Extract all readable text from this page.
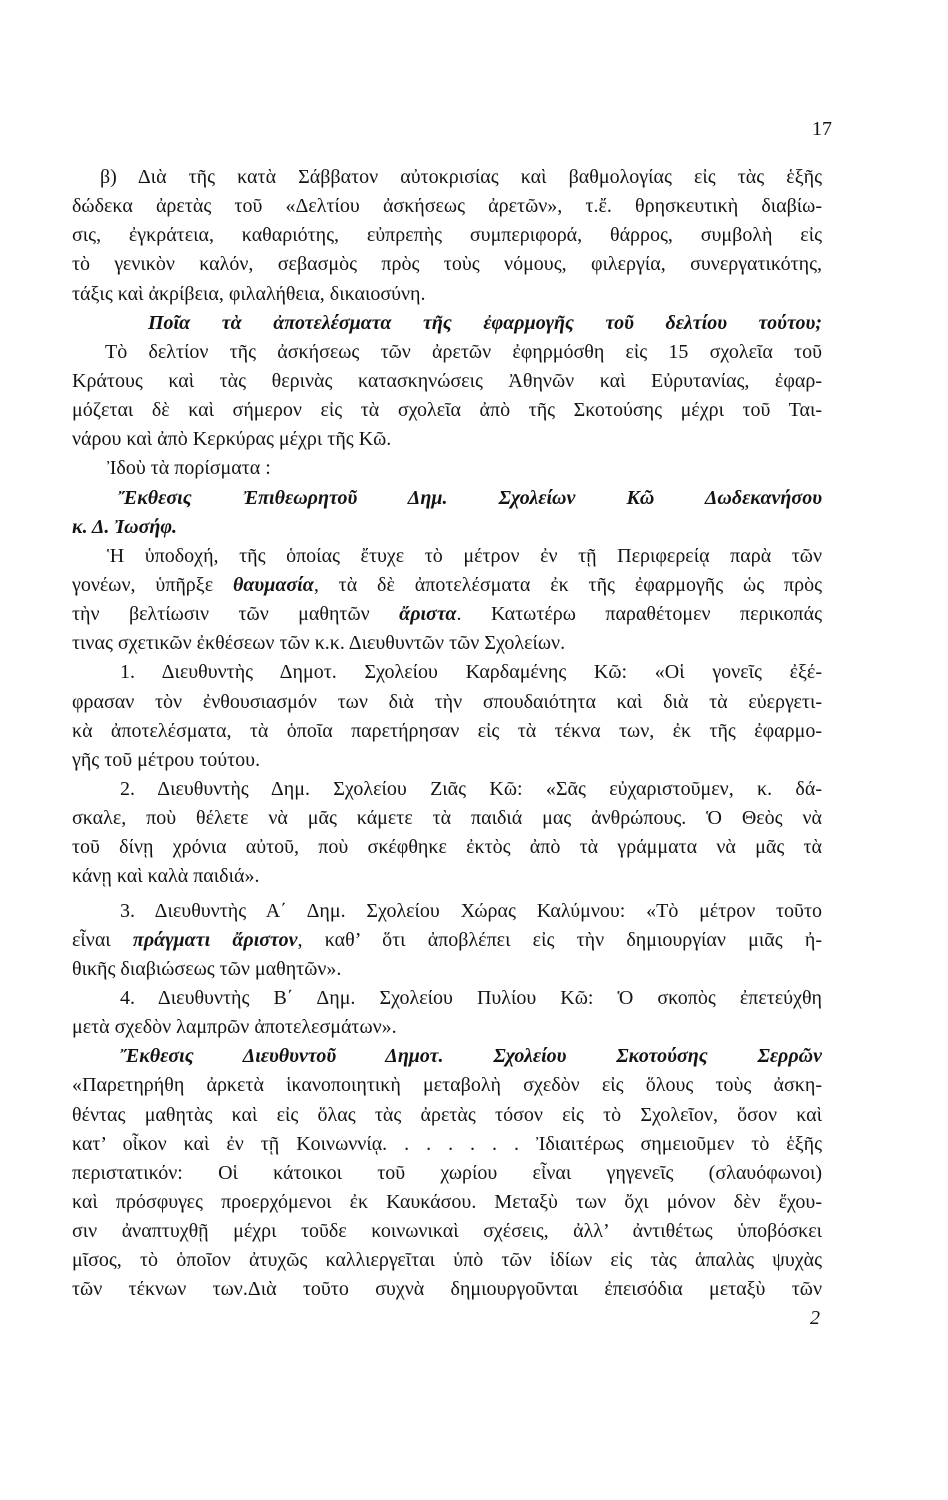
17
β) Διὰ τῆς κατὰ Σάββατον αὐτοκρισίας καὶ βαθμολογίας εἰς τὰς ἑξῆς
δώδεκα ἀρετὰς τοῦ «Δελτίου ἀσκήσεως ἀρετῶν», τ.ἔ. θρησκευτικὴ διαβίω-
σις, ἐγκράτεια, καθαριότης, εὐπρεπὴς συμπεριφορά, θάρρος, συμβολὴ εἰς
τὸ γενικὸν καλόν, σεβασμὸς πρὸς τοὺς νόμους, φιλεργία, συνεργατικότης,
τάξις καὶ ἀκρίβεια, φιλαλήθεια, δικαιοσύνη.
Ποῖα τὰ ἀποτελέσματα τῆς ἐφαρμογῆς τοῦ δελτίου τούτου;
Τὸ δελτίον τῆς ἀσκήσεως τῶν ἀρετῶν ἐφηρμόσθη εἰς 15 σχολεῖα τοῦ
Κράτους καὶ τὰς θερινὰς κατασκηνώσεις Ἀθηνῶν καὶ Εὐρυτανίας, ἐφαρ-
μόζεται δὲ καὶ σήμερον εἰς τὰ σχολεῖα ἀπὸ τῆς Σκοτούσης μέχρι τοῦ Ται-
νάρου καὶ ἀπὸ Κερκύρας μέχρι τῆς Κῶ.
Ἰδοὺ τὰ πορίσματα :
Ἔκθεσις Ἐπιθεωρητοῦ Δημ. Σχολείων Κῶ Δωδεκανήσου
κ. Δ. Ἰωσήφ.
Ἡ ὑποδοχή, τῆς ὁποίας ἔτυχε τὸ μέτρον ἐν τῇ Περιφερείᾳ παρὰ τῶν
γονέων, ὑπῆρξε θαυμασία, τὰ δὲ ἀποτελέσματα ἐκ τῆς ἐφαρμογῆς ὡς πρὸς
τὴν βελτίωσιν τῶν μαθητῶν ἄριστα. Κατωτέρω παραθέτομεν περικοπάς
τινας σχετικῶν ἐκθέσεων τῶν κ.κ. Διευθυντῶν τῶν Σχολείων.
1. Διευθυντὴς Δημοτ. Σχολείου Καρδαμένης Κῶ: «Οἱ γονεῖς ἐξέ-
φρασαν τὸν ἐνθουσιασμόν των διὰ τὴν σπουδαιότητα καὶ διὰ τὰ εὐεργετι-
κὰ ἀποτελέσματα, τὰ ὁποῖα παρετήρησαν εἰς τὰ τέκνα των, ἐκ τῆς ἐφαρμο-
γῆς τοῦ μέτρου τούτου.
2. Διευθυντὴς Δημ. Σχολείου Ζιᾶς Κῶ: «Σᾶς εὐχαριστοῦμεν, κ. δά-
σκαλε, ποὺ θέλετε νὰ μᾶς κάμετε τὰ παιδιά μας ἀνθρώπους. Ὁ Θεὸς νὰ
τοῦ δίνῃ χρόνια αὐτοῦ, ποὺ σκέφθηκε ἐκτὸς ἀπὸ τὰ γράμματα νὰ μᾶς τὰ
κάνῃ καὶ καλὰ παιδιά».
3. Διευθυντὴς Α΄ Δημ. Σχολείου Χώρας Καλύμνου: «Τὸ μέτρον τοῦτο
εἶναι πράγματι ἄριστον, καθ’ ὅτι ἀποβλέπει εἰς τὴν δημιουργίαν μιᾶς ἠ-
θικῆς διαβιώσεως τῶν μαθητῶν».
4. Διευθυντὴς Β΄ Δημ. Σχολείου Πυλίου Κῶ: Ὁ σκοπὸς ἐπετεύχθη
μετὰ σχεδὸν λαμπρῶν ἀποτελεσμάτων».
Ἔκθεσις Διευθυντοῦ Δημοτ. Σχολείου Σκοτούσης Σερρῶν
«Παρετηρήθη ἀρκετὰ ἱκανοποιητικὴ μεταβολὴ σχεδὸν εἰς ὅλους τοὺς ἀσκη-
θέντας μαθητὰς καὶ εἰς ὅλας τὰς ἀρετὰς τόσον εἰς τὸ Σχολεῖον, ὅσον καὶ
κατ’ οἶκον καὶ ἐν τῇ Κοινωννίᾳ. . . . . . . Ἰδιαιτέρως σημειοῦμεν τὸ ἑξῆς
περιστατικόν: Οἱ κάτοικοι τοῦ χωρίου εἶναι γηγενεῖς (σλαυόφωνοι)
καὶ πρόσφυγες προερχόμενοι ἐκ Καυκάσου. Μεταξὺ των ὄχι μόνον δὲν ἔχου-
σιν ἀναπτυχθῇ μέχρι τοῦδε κοινωνικαὶ σχέσεις, ἀλλ’ ἀντιθέτως ὑποβόσκει
μῖσος, τὸ ὁποῖον ἀτυχῶς καλλιεργεῖται ὑπὸ τῶν ἰδίων εἰς τὰς ἁπαλὰς ψυχὰς
τῶν τέκνων των.Διὰ τοῦτο συχνὰ δημιουργοῦνται ἐπεισόδια μεταξὺ τῶν
2
